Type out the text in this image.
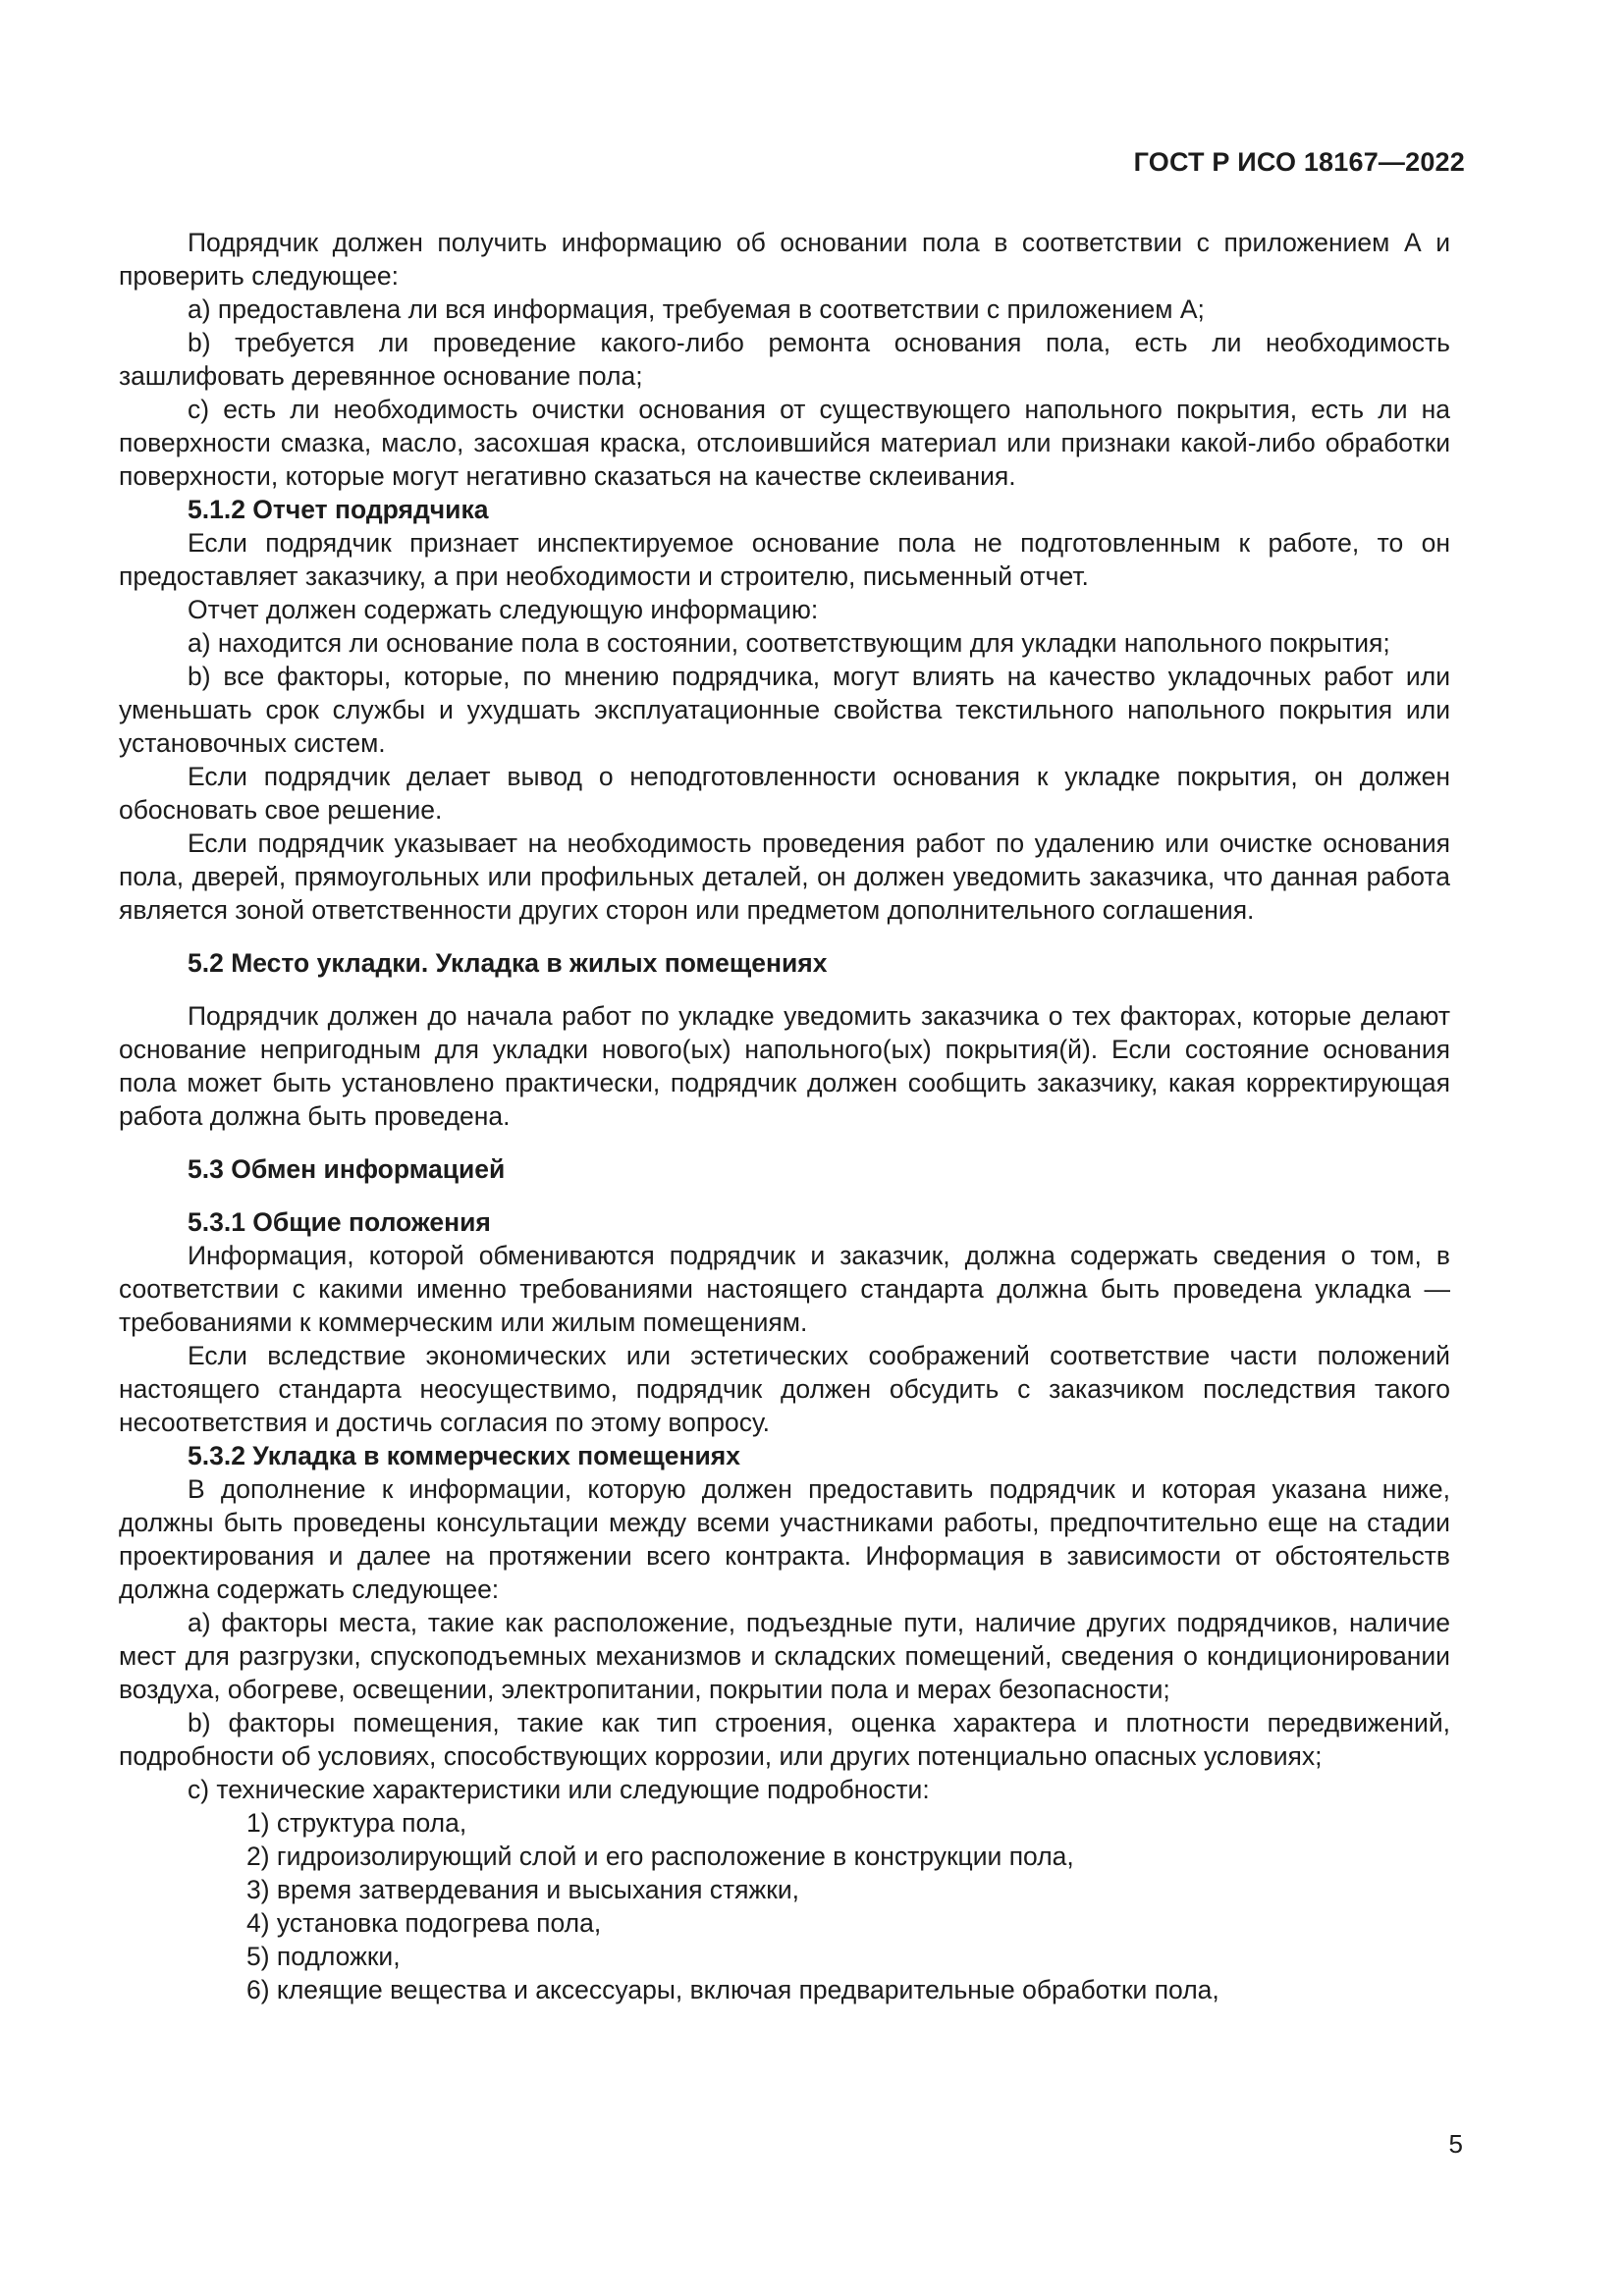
ГОСТ Р ИСО 18167—2022
Подрядчик должен получить информацию об основании пола в соответствии с приложением А и проверить следующее:
a) предоставлена ли вся информация, требуемая в соответствии с приложением А;
b) требуется ли проведение какого-либо ремонта основания пола, есть ли необходимость зашлифовать деревянное основание пола;
c) есть ли необходимость очистки основания от существующего напольного покрытия, есть ли на поверхности смазка, масло, засохшая краска, отслоившийся материал или признаки какой-либо обработки поверхности, которые могут негативно сказаться на качестве склеивания.
5.1.2 Отчет подрядчика
Если подрядчик признает инспектируемое основание пола не подготовленным к работе, то он предоставляет заказчику, а при необходимости и строителю, письменный отчет.
Отчет должен содержать следующую информацию:
a) находится ли основание пола в состоянии, соответствующим для укладки напольного покрытия;
b) все факторы, которые, по мнению подрядчика, могут влиять на качество укладочных работ или уменьшать срок службы и ухудшать эксплуатационные свойства текстильного напольного покрытия или установочных систем.
Если подрядчик делает вывод о неподготовленности основания к укладке покрытия, он должен обосновать свое решение.
Если подрядчик указывает на необходимость проведения работ по удалению или очистке основания пола, дверей, прямоугольных или профильных деталей, он должен уведомить заказчика, что данная работа является зоной ответственности других сторон или предметом дополнительного соглашения.
5.2 Место укладки. Укладка в жилых помещениях
Подрядчик должен до начала работ по укладке уведомить заказчика о тех факторах, которые делают основание непригодным для укладки нового(ых) напольного(ых) покрытия(й). Если состояние основания пола может быть установлено практически, подрядчик должен сообщить заказчику, какая корректирующая работа должна быть проведена.
5.3 Обмен информацией
5.3.1 Общие положения
Информация, которой обмениваются подрядчик и заказчик, должна содержать сведения о том, в соответствии с какими именно требованиями настоящего стандарта должна быть проведена укладка — требованиями к коммерческим или жилым помещениям.
Если вследствие экономических или эстетических соображений соответствие части положений настоящего стандарта неосуществимо, подрядчик должен обсудить с заказчиком последствия такого несоответствия и достичь согласия по этому вопросу.
5.3.2 Укладка в коммерческих помещениях
В дополнение к информации, которую должен предоставить подрядчик и которая указана ниже, должны быть проведены консультации между всеми участниками работы, предпочтительно еще на стадии проектирования и далее на протяжении всего контракта. Информация в зависимости от обстоятельств должна содержать следующее:
a) факторы места, такие как расположение, подъездные пути, наличие других подрядчиков, наличие мест для разгрузки, спускоподъемных механизмов и складских помещений, сведения о кондиционировании воздуха, обогреве, освещении, электропитании, покрытии пола и мерах безопасности;
b) факторы помещения, такие как тип строения, оценка характера и плотности передвижений, подробности об условиях, способствующих коррозии, или других потенциально опасных условиях;
c) технические характеристики или следующие подробности:
1) структура пола,
2) гидроизолирующий слой и его расположение в конструкции пола,
3) время затвердевания и высыхания стяжки,
4) установка подогрева пола,
5) подложки,
6) клеящие вещества и аксессуары, включая предварительные обработки пола,
5
